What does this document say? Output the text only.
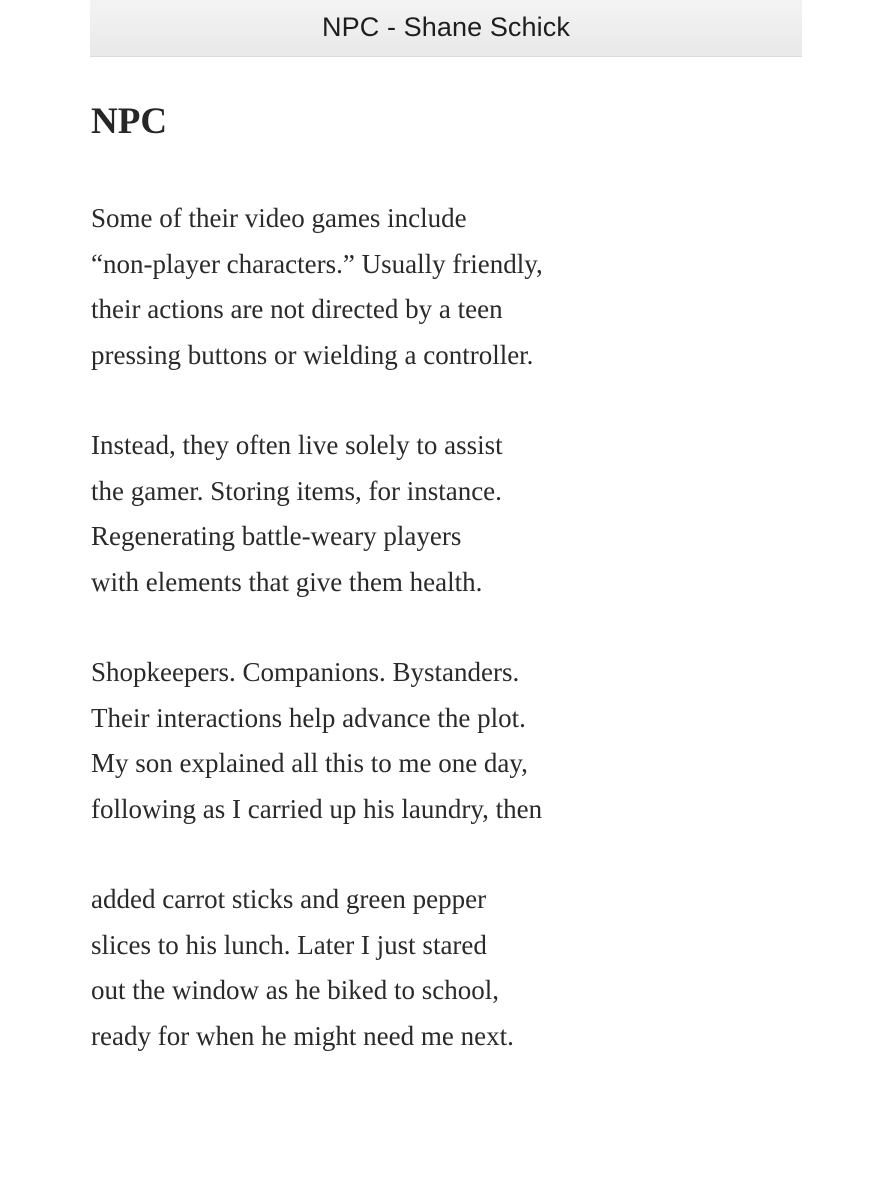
NPC - Shane Schick
NPC
Some of their video games include
“non-player characters.” Usually friendly,
their actions are not directed by a teen
pressing buttons or wielding a controller.
Instead, they often live solely to assist
the gamer. Storing items, for instance.
Regenerating battle-weary players
with elements that give them health.
Shopkeepers. Companions. Bystanders.
Their interactions help advance the plot.
My son explained all this to me one day,
following as I carried up his laundry, then
added carrot sticks and green pepper
slices to his lunch. Later I just stared
out the window as he biked to school,
ready for when he might need me next.
